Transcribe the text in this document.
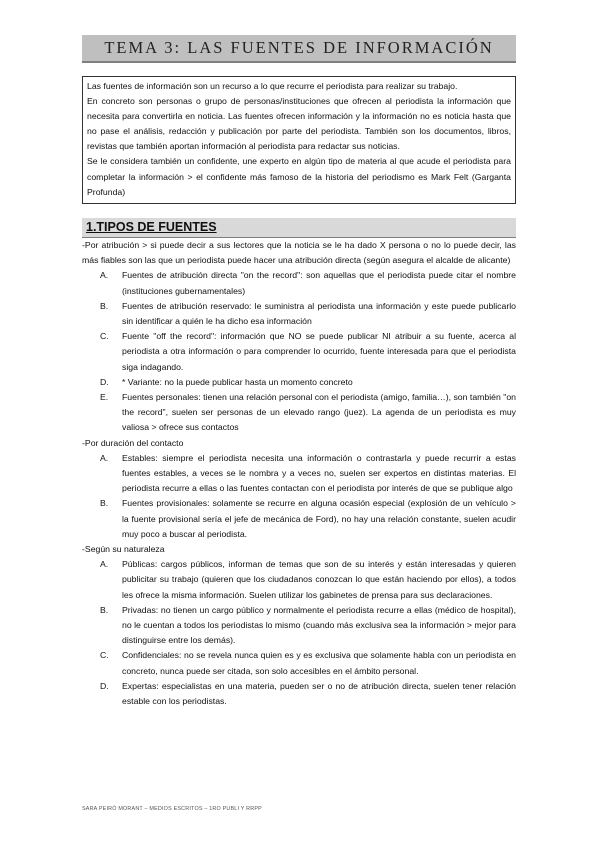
TEMA 3: LAS FUENTES DE INFORMACIÓN

Las fuentes de información son un recurso a lo que recurre el periodista para realizar su trabajo.

En concreto son personas o grupo de personas/instituciones que ofrecen al periodista la información que necesita para convertirla en noticia. Las fuentes ofrecen información y la información no es noticia hasta que no pase el análisis, redacción y publicación por parte del periodista. También son los documentos, libros, revistas que también aportan información al periodista para redactar sus noticias.

Se le considera también un confidente, une experto en algún tipo de materia al que acude el periodista para completar la información > el confidente más famoso de la historia del periodismo es Mark Felt (Garganta Profunda)

1.TIPOS DE FUENTES

-Por atribución > si puede decir a sus lectores que la noticia se le ha dado X persona o no lo puede decir, las más fiables son las que un periodista puede hacer una atribución directa (según asegura el alcalde de alicante)

A.	Fuentes de atribución directa "on the record": son aquellas que el periodista puede citar el nombre (instituciones gubernamentales)

B.	Fuentes de atribución reservado: le suministra al periodista una información y este puede publicarlo sin identificar a quién le ha dicho esa información

C.	Fuente "off the record": información que NO se puede publicar NI atribuir a su fuente, acerca al periodista a otra información o para comprender lo ocurrido, fuente interesada para que el periodista siga indagando.

D.	* Variante: no la puede publicar hasta un momento concreto

E.	Fuentes personales: tienen una relación personal con el periodista (amigo, familia…), son también "on the record", suelen ser personas de un elevado rango (juez). La agenda de un periodista es muy valiosa > ofrece sus contactos

-Por duración del contacto

A.	Estables: siempre el periodista necesita una información o contrastarla y puede recurrir a estas fuentes estables, a veces se le nombra y a veces no, suelen ser expertos en distintas materias. El periodista recurre a ellas o las fuentes contactan con el periodista por interés de que se publique algo

B.	Fuentes provisionales: solamente se recurre en alguna ocasión especial (explosión de un vehículo > la fuente provisional sería el jefe de mecánica de Ford), no hay una relación constante, suelen acudir muy poco a buscar al periodista.

-Según su naturaleza

A.	Públicas: cargos públicos, informan de temas que son de su interés y están interesadas y quieren publicitar su trabajo (quieren que los ciudadanos conozcan lo que están haciendo por ellos), a todos les ofrece la misma información. Suelen utilizar los gabinetes de prensa para sus declaraciones.

B.	Privadas: no tienen un cargo público y normalmente el periodista recurre a ellas (médico de hospital), no le cuentan a todos los periodistas lo mismo (cuando más exclusiva sea la información > mejor para distinguirse entre los demás).

C.	Confidenciales: no se revela nunca quien es y es exclusiva que solamente habla con un periodista en concreto, nunca puede ser citada, son solo accesibles en el ámbito personal.

D.	Expertas: especialistas en una materia, pueden ser o no de atribución directa, suelen tener relación estable con los periodistas.

SARA PEIRÓ MORANT – MEDIOS ESCRITOS – 1RO PUBLI Y RRPP
